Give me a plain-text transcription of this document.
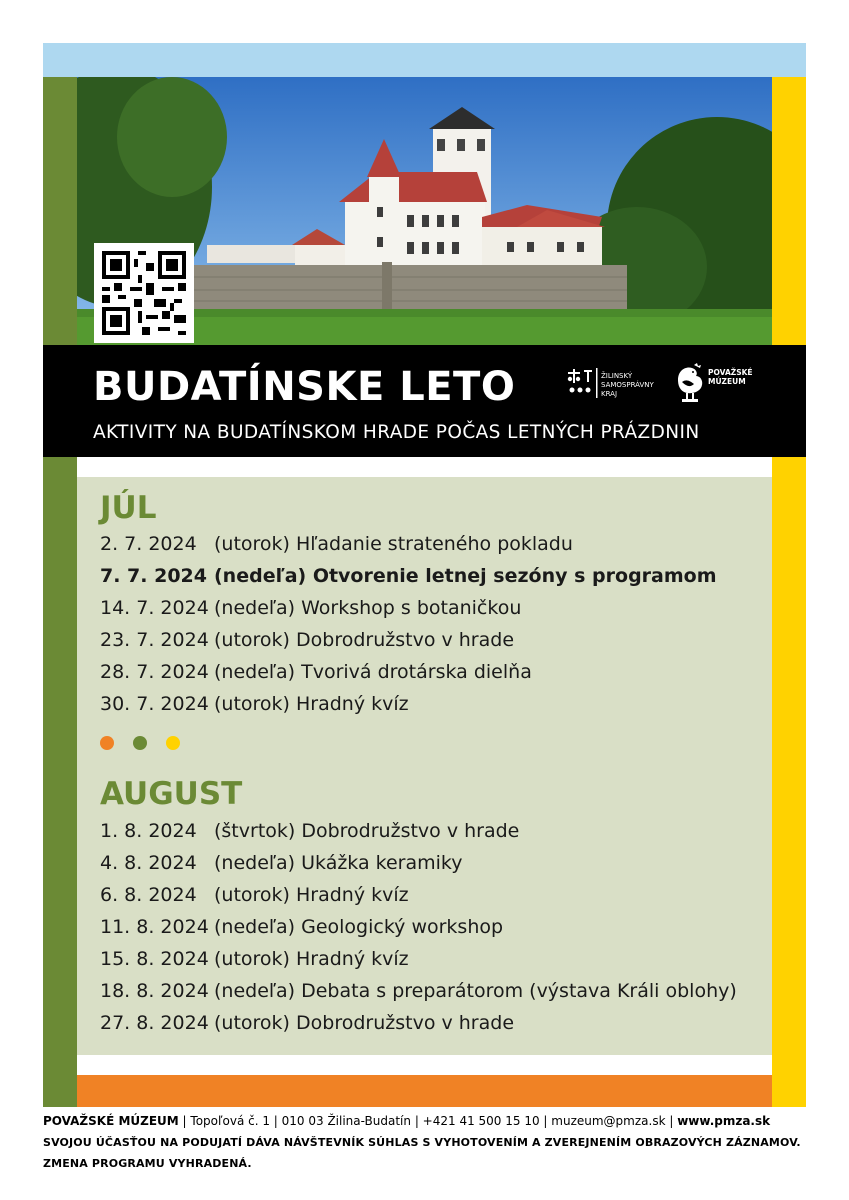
BUDATÍNSKE LETO
AKTIVITY NA BUDATÍNSKOM HRADE POČAS LETNÝCH PRÁZDNIN
ŽILINSKÝ
SAMOSPRÁVNY
KRAJ
POVAŽSKÉ
MÚZEUM
JÚL
2. 7. 2024 (utorok) Hľadanie strateného pokladu
7. 7. 2024 (nedeľa) Otvorenie letnej sezóny s programom
14. 7. 2024 (nedeľa) Workshop s botaničkou
23. 7. 2024 (utorok) Dobrodružstvo v hrade
28. 7. 2024 (nedeľa) Tvorivá drotárska dielňa
30. 7. 2024 (utorok) Hradný kvíz
AUGUST
1. 8. 2024 (štvrtok) Dobrodružstvo v hrade
4. 8. 2024 (nedeľa) Ukážka keramiky
6. 8. 2024 (utorok) Hradný kvíz
11. 8. 2024 (nedeľa) Geologický workshop
15. 8. 2024 (utorok) Hradný kvíz
18. 8. 2024 (nedeľa) Debata s preparátorom (výstava Králi oblohy)
27. 8. 2024 (utorok) Dobrodružstvo v hrade
POVAŽSKÉ MÚZEUM | Topoľová č. 1 | 010 03 Žilina-Budatín | +421 41 500 15 10 | muzeum@pmza.sk | www.pmza.sk
SVOJOU ÚČASŤOU NA PODUJATÍ DÁVA NÁVŠTEVNÍK SÚHLAS S VYHOTOVENÍM A ZVEREJNENÍM OBRAZOVÝCH ZÁZNAMOV.
ZMENA PROGRAMU VYHRADENÁ.
